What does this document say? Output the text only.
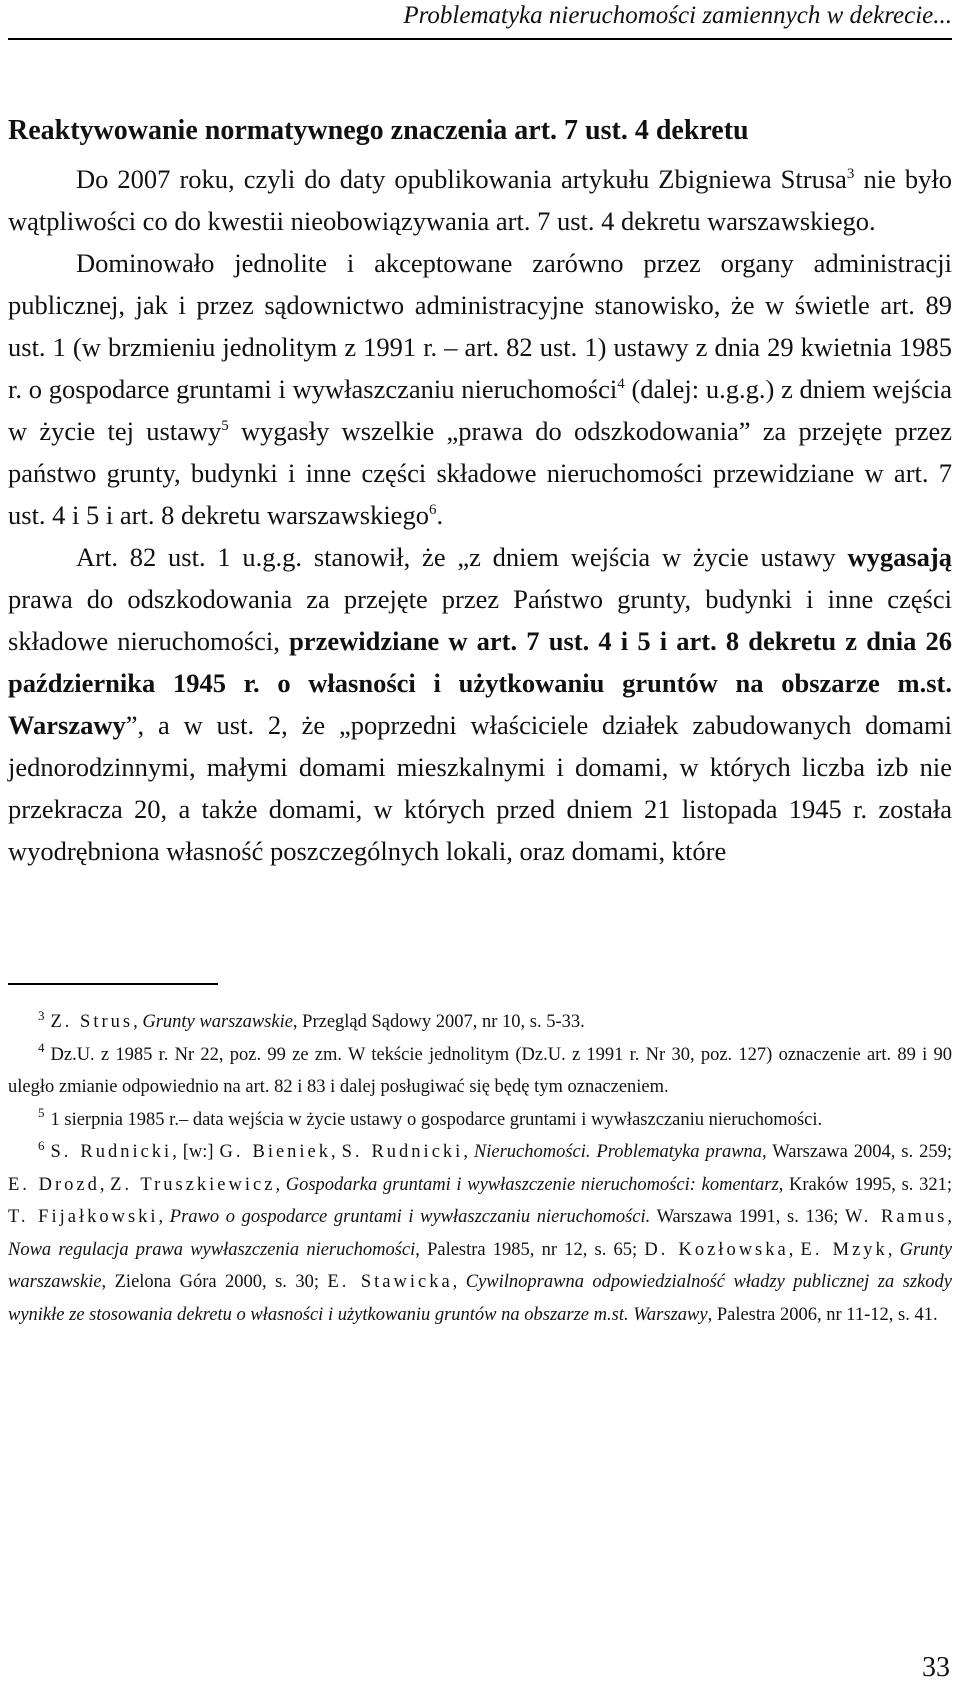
Problematyka nieruchomości zamiennych w dekrecie...
Reaktywowanie normatywnego znaczenia art. 7 ust. 4 dekretu

Do 2007 roku, czyli do daty opublikowania artykułu Zbigniewa Strusa$^3$ nie było wątpliwości co do kwestii nieobowiązywania art. 7 ust. 4 dekretu warszawskiego.

Dominowało jednolite i akceptowane zarówno przez organy administracji publicznej, jak i przez sądownictwo administracyjne stanowisko, że w świetle art. 89 ust. 1 (w brzmieniu jednolitym z 1991 r. – art. 82 ust. 1) ustawy z dnia 29 kwietnia 1985 r. o gospodarce gruntami i wywłaszczaniu nieruchomości$^4$ (dalej: u.g.g.) z dniem wejścia w życie tej ustawy$^5$ wygasły wszelkie „prawa do odszkodowania” za przejęte przez państwo grunty, budynki i inne części składowe nieruchomości przewidziane w art. 7 ust. 4 i 5 i art. 8 dekretu warszawskiego$^6$.

Art. 82 ust. 1 u.g.g. stanowił, że „z dniem wejścia w życie ustawy wygasają prawa do odszkodowania za przejęte przez Państwo grunty, budynki i inne części składowe nieruchomości, przewidziane w art. 7 ust. 4 i 5 i art. 8 dekretu z dnia 26 października 1945 r. o własności i użytkowaniu gruntów na obszarze m.st. Warszawy”, a w ust. 2, że „poprzedni właściciele działek zabudowanych domami jednorodzinnymi, małymi domami mieszkalnymi i domami, w których liczba izb nie przekracza 20, a także domami, w których przed dniem 21 listopada 1945 r. została wyodrębniona własność poszczególnych lokali, oraz domami, które

$^3$ Z. Strus, Grunty warszawskie, Przegląd Sądowy 2007, nr 10, s. 5-33.

$^4$ Dz.U. z 1985 r. Nr 22, poz. 99 ze zm. W tekście jednolitym (Dz.U. z 1991 r. Nr 30, poz. 127) oznaczenie art. 89 i 90 uległo zmianie odpowiednio na art. 82 i 83 i dalej posługiwać się będę tym oznaczeniem.

$^5$ 1 sierpnia 1985 r.– data wejścia w życie ustawy o gospodarce gruntami i wywłaszczaniu nieruchomości.

$^6$ S. Rudnicki, [w:] G. Bieniek, S. Rudnicki, Nieruchomości. Problematyka prawna, Warszawa 2004, s. 259; E. Drozd, Z. Truszkiewicz, Gospodarka gruntami i wywłaszczenie nieruchomości: komentarz, Kraków 1995, s. 321; T. Fijałkowski, Prawo o gospodarce gruntami i wywłaszczaniu nieruchomości. Warszawa 1991, s. 136; W. Ramus, Nowa regulacja prawa wywłaszczenia nieruchomości, Palestra 1985, nr 12, s. 65; D. Kozłowska, E. Mzyk, Grunty warszawskie, Zielona Góra 2000, s. 30; E. Stawicka, Cywilnoprawna odpowiedzialność władzy publicznej za szkody wynikłe ze stosowania dekretu o własności i użytkowaniu gruntów na obszarze m.st. Warszawy, Palestra 2006, nr 11-12, s. 41.

33
